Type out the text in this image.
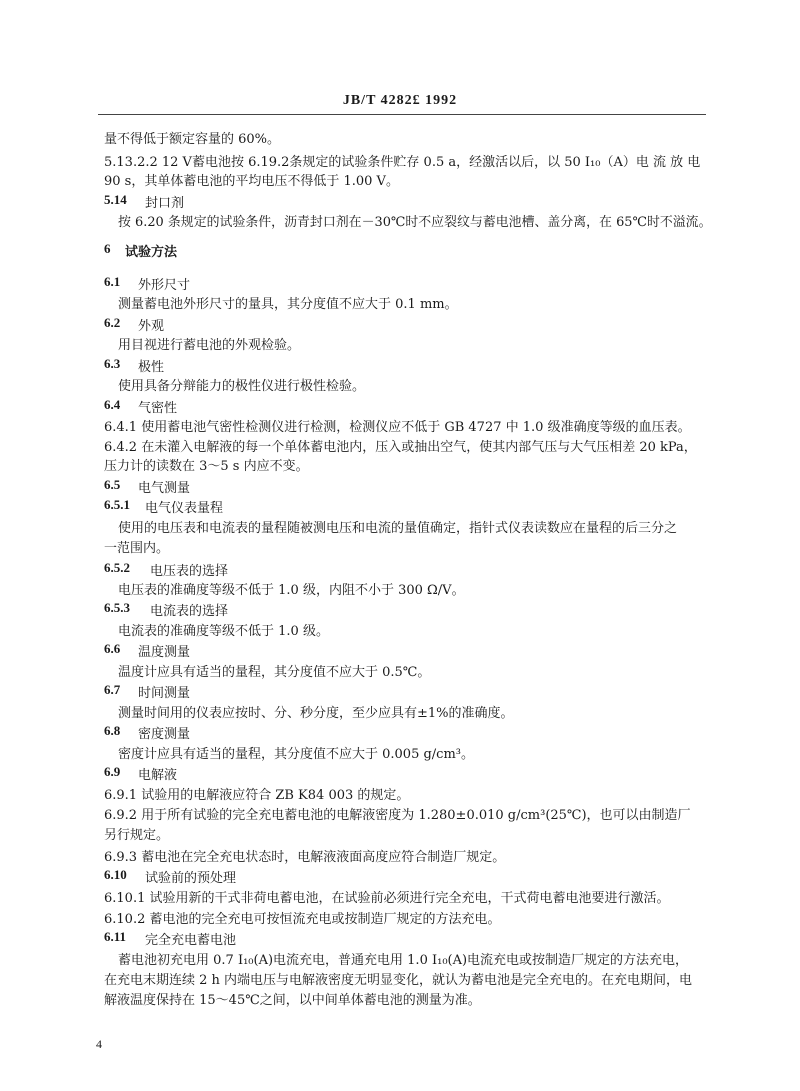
JB/T 4282£ 1992
量不得低于额定容量的 60%。
5.13.2.2 12 V蓄电池按 6.19.2条规定的试验条件贮存 0.5 a，经激活以后，以 50 I₁₀（A）电 流 放 电
90 s，其单体蓄电池的平均电压不得低于 1.00 V。
5.14 封口剂
按 6.20 条规定的试验条件，沥青封口剂在－30℃时不应裂纹与蓄电池槽、盖分离，在 65℃时不溢流。
6 试验方法
6.1 外形尺寸
测量蓄电池外形尺寸的量具，其分度值不应大于 0.1 mm。
6.2 外观
用目视进行蓄电池的外观检验。
6.3 极性
使用具备分辩能力的极性仪进行极性检验。
6.4 气密性
6.4.1 使用蓄电池气密性检测仪进行检测，检测仪应不低于 GB 4727 中 1.0 级准确度等级的血压表。
6.4.2 在未灌入电解液的每一个单体蓄电池内，压入或抽出空气，使其内部气压与大气压相差 20 kPa，
压力计的读数在 3～5 s 内应不变。
6.5 电气测量
6.5.1 电气仪表量程
使用的电压表和电流表的量程随被测电压和电流的量值确定，指针式仪表读数应在量程的后三分之
一范围内。
6.5.2 电压表的选择
电压表的准确度等级不低于 1.0 级，内阻不小于 300 Ω/V。
6.5.3 电流表的选择
电流表的准确度等级不低于 1.0 级。
6.6 温度测量
温度计应具有适当的量程，其分度值不应大于 0.5℃。
6.7 时间测量
测量时间用的仪表应按时、分、秒分度，至少应具有±1%的准确度。
6.8 密度测量
密度计应具有适当的量程，其分度值不应大于 0.005 g/cm³。
6.9 电解液
6.9.1 试验用的电解液应符合 ZB K84 003 的规定。
6.9.2 用于所有试验的完全充电蓄电池的电解液密度为 1.280±0.010 g/cm³(25℃)，也可以由制造厂
另行规定。
6.9.3 蓄电池在完全充电状态时，电解液液面高度应符合制造厂规定。
6.10 试验前的预处理
6.10.1 试验用新的干式非荷电蓄电池，在试验前必须进行完全充电，干式荷电蓄电池要进行激活。
6.10.2 蓄电池的完全充电可按恒流充电或按制造厂规定的方法充电。
6.11 完全充电蓄电池
蓄电池初充电用 0.7 I₁₀(A)电流充电，普通充电用 1.0 I₁₀(A)电流充电或按制造厂规定的方法充电，
在充电末期连续 2 h 内端电压与电解液密度无明显变化，就认为蓄电池是完全充电的。在充电期间，电
解液温度保持在 15～45℃之间，以中间单体蓄电池的测量为准。
4
